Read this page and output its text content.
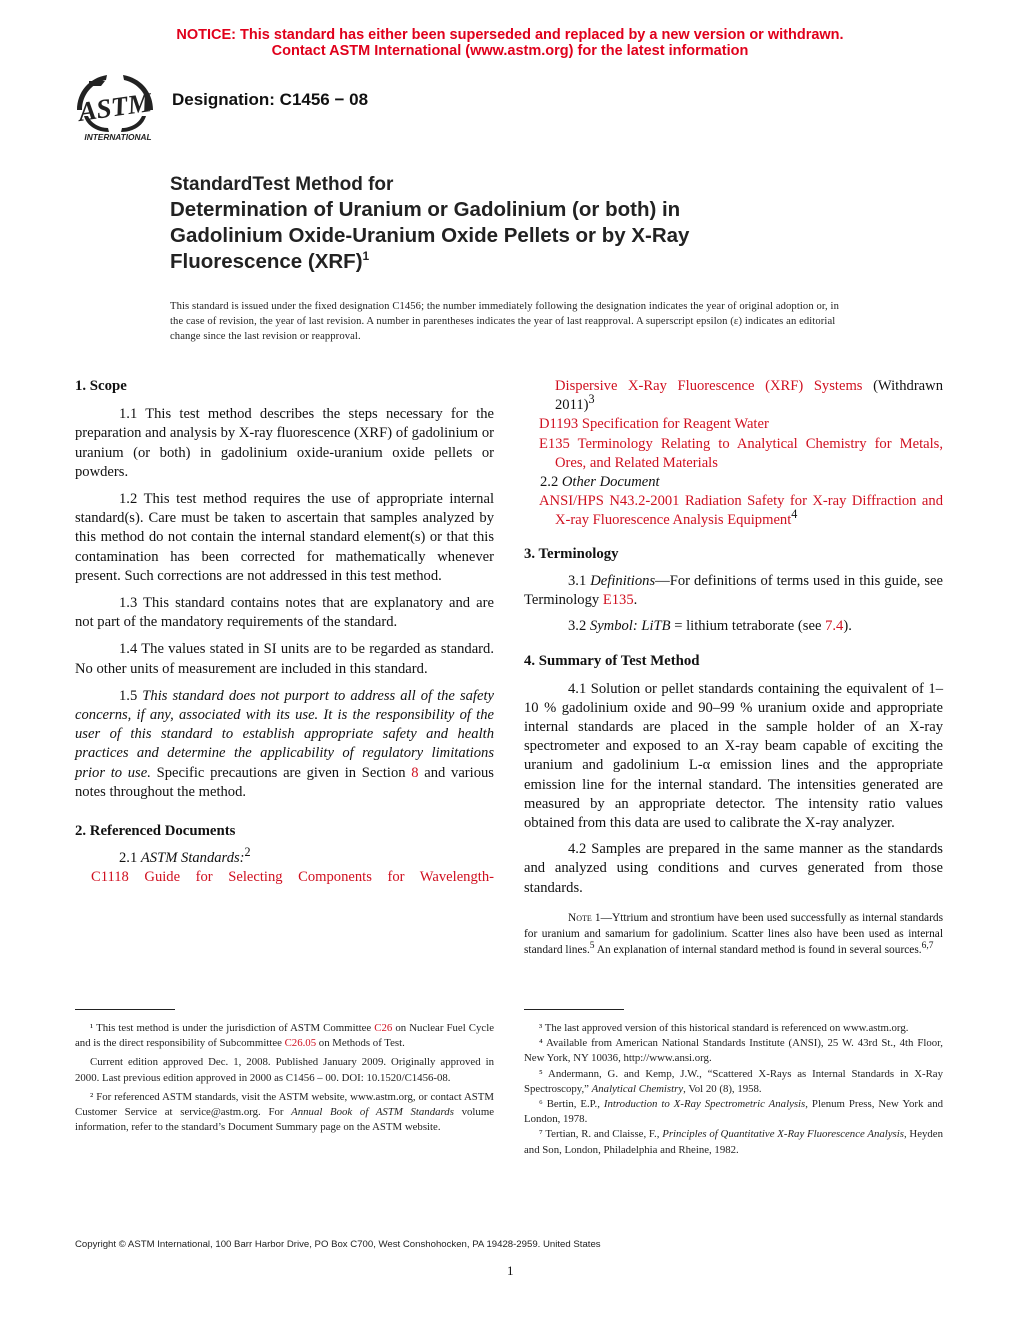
NOTICE: This standard has either been superseded and replaced by a new version or withdrawn.
Contact ASTM International (www.astm.org) for the latest information
ASTM
INTERNATIONAL
Designation: C1456 − 08
StandardTest Method for
Determination of Uranium or Gadolinium (or both) in
Gadolinium Oxide-Uranium Oxide Pellets or by X-Ray
Fluorescence (XRF)$^1$
This standard is issued under the fixed designation C1456; the number immediately following the designation indicates the year of original adoption or, in the case of revision, the year of last revision. A number in parentheses indicates the year of last reapproval. A superscript epsilon (ε) indicates an editorial change since the last revision or reapproval.
1. Scope

1.1 This test method describes the steps necessary for the preparation and analysis by X-ray fluorescence (XRF) of gadolinium or uranium (or both) in gadolinium oxide-uranium oxide pellets or powders.

1.2 This test method requires the use of appropriate internal standard(s). Care must be taken to ascertain that samples analyzed by this method do not contain the internal standard element(s) or that this contamination has been corrected for mathematically whenever present. Such corrections are not addressed in this test method.

1.3 This standard contains notes that are explanatory and are not part of the mandatory requirements of the standard.

1.4 The values stated in SI units are to be regarded as standard. No other units of measurement are included in this standard.

1.5 This standard does not purport to address all of the safety concerns, if any, associated with its use. It is the responsibility of the user of this standard to establish appropriate safety and health practices and determine the applicability of regulatory limitations prior to use. Specific precautions are given in Section 8 and various notes throughout the method.

2. Referenced Documents

2.1 ASTM Standards:$^2$

C1118 Guide for Selecting Components for Wavelength-

Dispersive X-Ray Fluorescence (XRF) Systems (Withdrawn 2011)$^3$

D1193 Specification for Reagent Water

E135 Terminology Relating to Analytical Chemistry for Metals, Ores, and Related Materials

2.2 Other Document

ANSI/HPS N43.2-2001 Radiation Safety for X-ray Diffraction and X-ray Fluorescence Analysis Equipment$^4$

3. Terminology

3.1 Definitions—For definitions of terms used in this guide, see Terminology E135.

3.2 Symbol: LiTB = lithium tetraborate (see 7.4).

4. Summary of Test Method

4.1 Solution or pellet standards containing the equivalent of 1–10 % gadolinium oxide and 90–99 % uranium oxide and appropriate internal standards are placed in the sample holder of an X-ray spectrometer and exposed to an X-ray beam capable of exciting the uranium and gadolinium L-α emission lines and the appropriate emission line for the internal standard. The intensities generated are measured by an appropriate detector. The intensity ratio values obtained from this data are used to calibrate the X-ray analyzer.

4.2 Samples are prepared in the same manner as the standards and analyzed using conditions and curves generated from those standards.

Note 1—Yttrium and strontium have been used successfully as internal standards for uranium and samarium for gadolinium. Scatter lines also have been used as internal standard lines.$^5$ An explanation of internal standard method is found in several sources.$^{6,7}$

¹ This test method is under the jurisdiction of ASTM Committee C26 on Nuclear Fuel Cycle and is the direct responsibility of Subcommittee C26.05 on Methods of Test.

Current edition approved Dec. 1, 2008. Published January 2009. Originally approved in 2000. Last previous edition approved in 2000 as C1456 – 00. DOI: 10.1520/C1456-08.

² For referenced ASTM standards, visit the ASTM website, www.astm.org, or contact ASTM Customer Service at service@astm.org. For Annual Book of ASTM Standards volume information, refer to the standard’s Document Summary page on the ASTM website.

³ The last approved version of this historical standard is referenced on www.astm.org.

⁴ Available from American National Standards Institute (ANSI), 25 W. 43rd St., 4th Floor, New York, NY 10036, http://www.ansi.org.

⁵ Andermann, G. and Kemp, J.W., “Scattered X-Rays as Internal Standards in X-Ray Spectroscopy,” Analytical Chemistry, Vol 20 (8), 1958.

⁶ Bertin, E.P., Introduction to X-Ray Spectrometric Analysis, Plenum Press, New York and London, 1978.

⁷ Tertian, R. and Claisse, F., Principles of Quantitative X-Ray Fluorescence Analysis, Heyden and Son, London, Philadelphia and Rheine, 1982.

Copyright © ASTM International, 100 Barr Harbor Drive, PO Box C700, West Conshohocken, PA 19428-2959. United States
1
